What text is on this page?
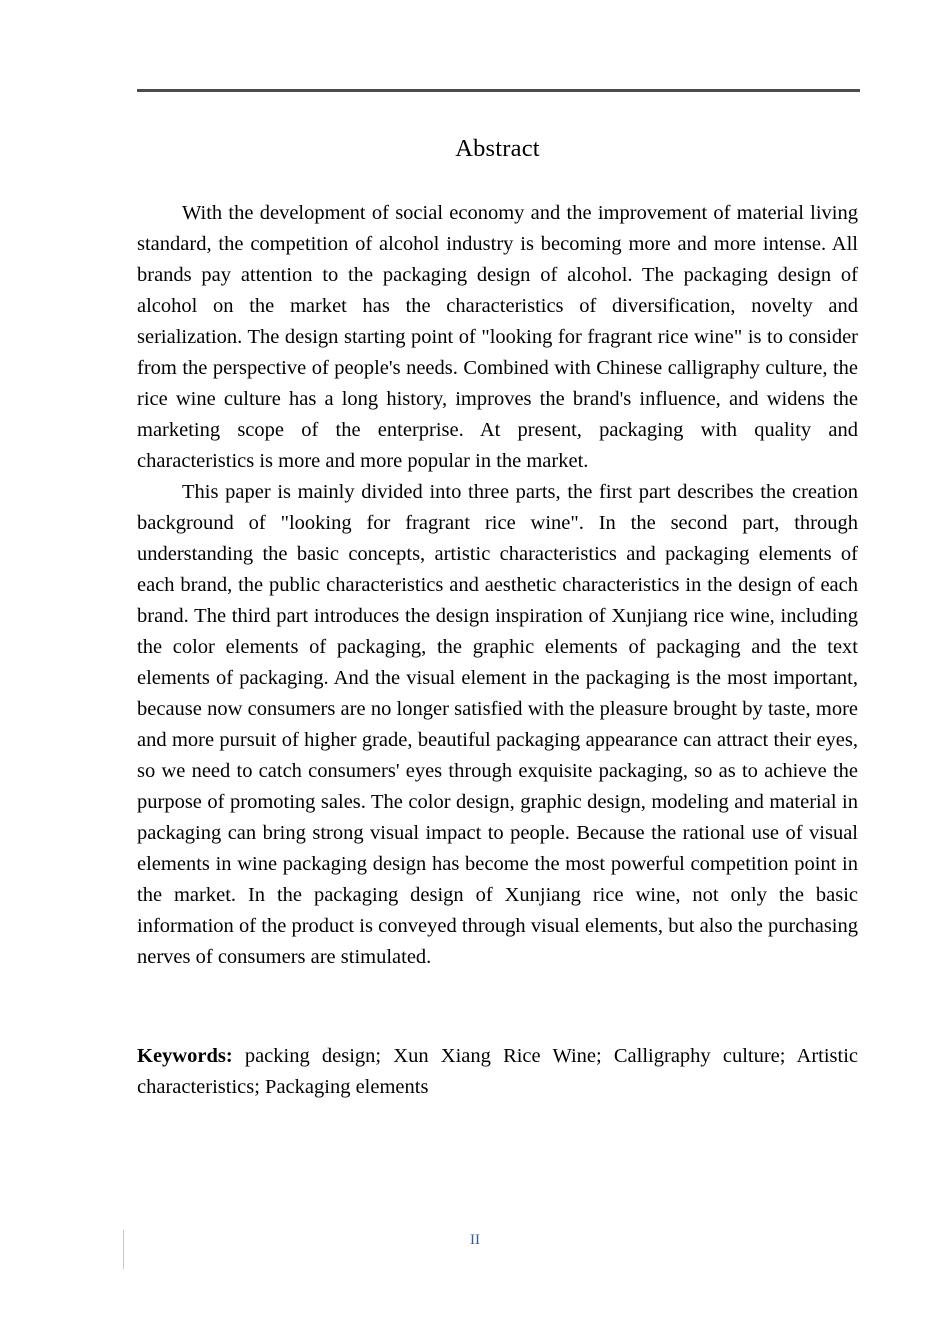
Abstract

With the development of social economy and the improvement of material living standard, the competition of alcohol industry is becoming more and more intense. All brands pay attention to the packaging design of alcohol. The packaging design of alcohol on the market has the characteristics of diversification, novelty and serialization. The design starting point of "looking for fragrant rice wine" is to consider from the perspective of people's needs. Combined with Chinese calligraphy culture, the rice wine culture has a long history, improves the brand's influence, and widens the marketing scope of the enterprise. At present, packaging with quality and characteristics is more and more popular in the market.

This paper is mainly divided into three parts, the first part describes the creation background of "looking for fragrant rice wine". In the second part, through understanding the basic concepts, artistic characteristics and packaging elements of each brand, the public characteristics and aesthetic characteristics in the design of each brand. The third part introduces the design inspiration of Xunjiang rice wine, including the color elements of packaging, the graphic elements of packaging and the text elements of packaging. And the visual element in the packaging is the most important, because now consumers are no longer satisfied with the pleasure brought by taste, more and more pursuit of higher grade, beautiful packaging appearance can attract their eyes, so we need to catch consumers' eyes through exquisite packaging, so as to achieve the purpose of promoting sales. The color design, graphic design, modeling and material in packaging can bring strong visual impact to people. Because the rational use of visual elements in wine packaging design has become the most powerful competition point in the market. In the packaging design of Xunjiang rice wine, not only the basic information of the product is conveyed through visual elements, but also the purchasing nerves of consumers are stimulated.

Keywords: packing design; Xun Xiang Rice Wine; Calligraphy culture; Artistic characteristics; Packaging elements

II
